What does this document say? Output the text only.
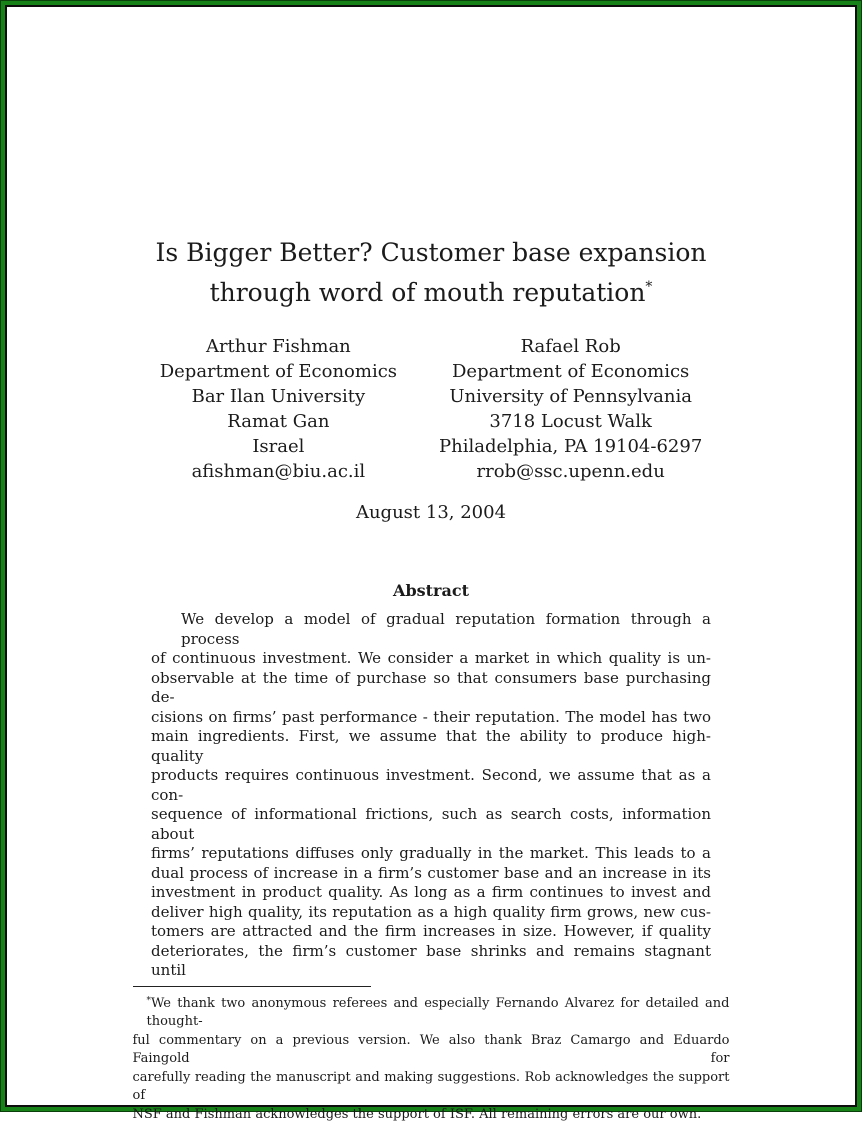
Is Bigger Better? Customer base expansion
through word of mouth reputation*
Arthur Fishman
Department of Economics
Bar Ilan University
Ramat Gan
Israel
afishman@biu.ac.il
Rafael Rob
Department of Economics
University of Pennsylvania
3718 Locust Walk
Philadelphia, PA 19104-6297
rrob@ssc.upenn.edu
August 13, 2004
Abstract
We develop a model of gradual reputation formation through a process
of continuous investment. We consider a market in which quality is un-
observable at the time of purchase so that consumers base purchasing de-
cisions on firms’ past performance - their reputation. The model has two
main ingredients. First, we assume that the ability to produce high-quality
products requires continuous investment. Second, we assume that as a con-
sequence of informational frictions, such as search costs, information about
firms’ reputations diffuses only gradually in the market. This leads to a
dual process of increase in a firm’s customer base and an increase in its
investment in product quality. As long as a firm continues to invest and
deliver high quality, its reputation as a high quality firm grows, new cus-
tomers are attracted and the firm increases in size. However, if quality
deteriorates, the firm’s customer base shrinks and remains stagnant until
*We thank two anonymous referees and especially Fernando Alvarez for detailed and thought-
ful commentary on a previous version. We also thank Braz Camargo and Eduardo Faingold for
carefully reading the manuscript and making suggestions. Rob acknowledges the support of
NSF and Fishman acknowledges the support of ISF. All remaining errors are our own.
